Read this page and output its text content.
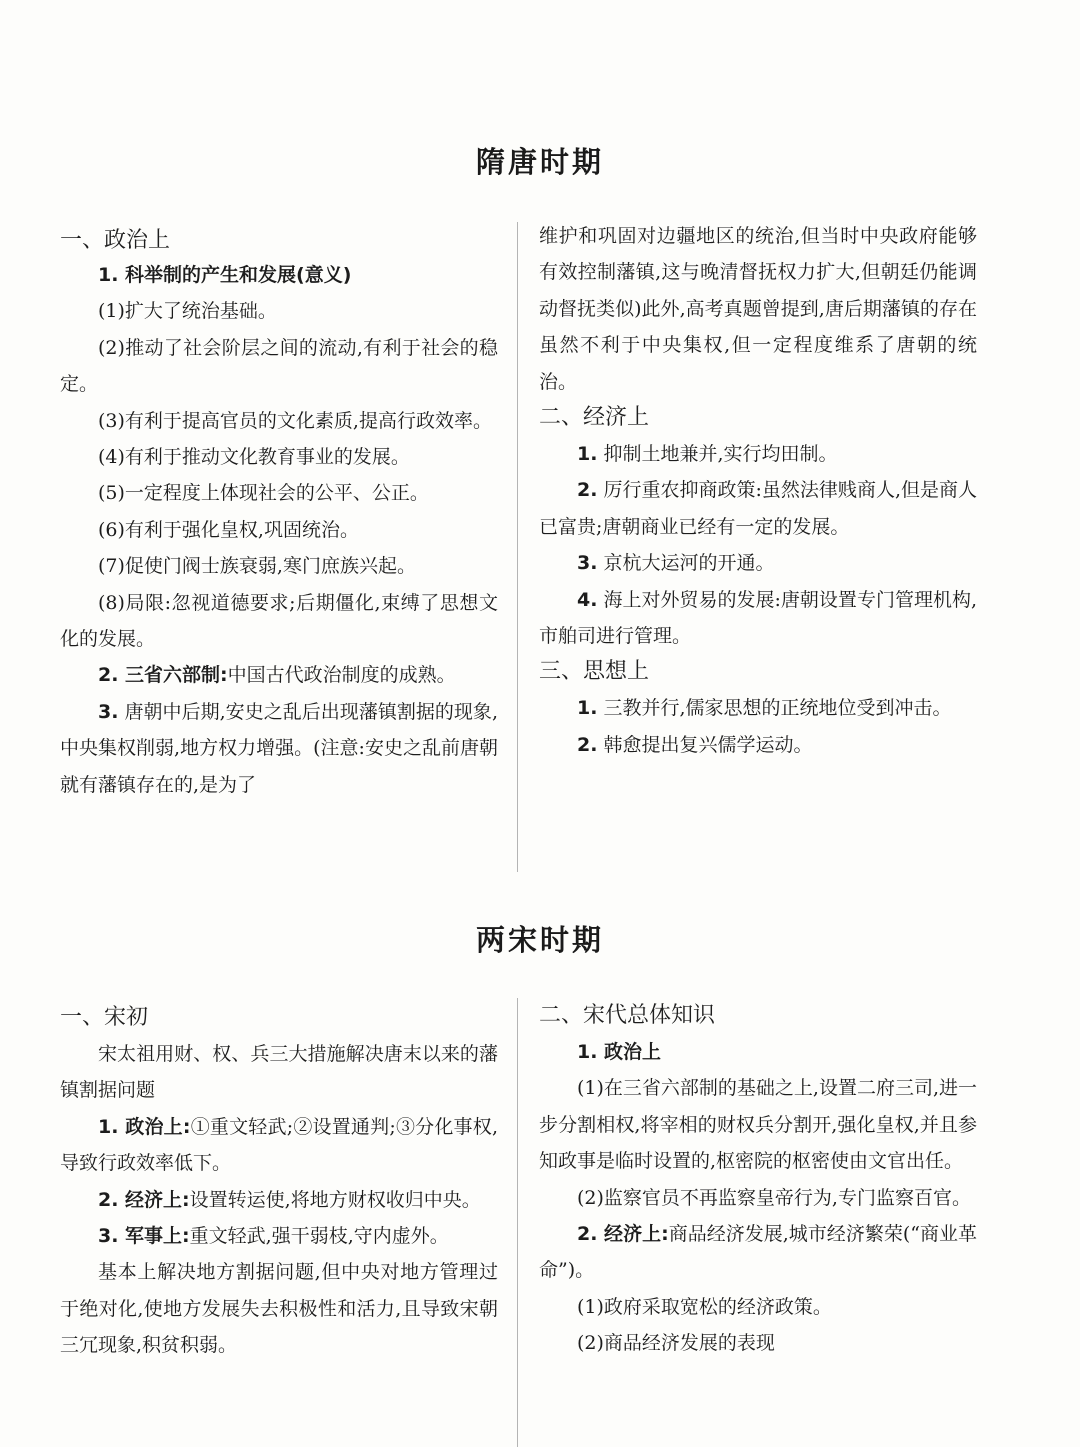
隋唐时期
一、政治上

1. 科举制的产生和发展(意义)

(1)扩大了统治基础。

(2)推动了社会阶层之间的流动,有利于社会的稳定。

(3)有利于提高官员的文化素质,提高行政效率。

(4)有利于推动文化教育事业的发展。

(5)一定程度上体现社会的公平、公正。

(6)有利于强化皇权,巩固统治。

(7)促使门阀士族衰弱,寒门庶族兴起。

(8)局限:忽视道德要求;后期僵化,束缚了思想文化的发展。

2. 三省六部制:中国古代政治制度的成熟。

3. 唐朝中后期,安史之乱后出现藩镇割据的现象,中央集权削弱,地方权力增强。(注意:安史之乱前唐朝就有藩镇存在的,是为了

维护和巩固对边疆地区的统治,但当时中央政府能够有效控制藩镇,这与晚清督抚权力扩大,但朝廷仍能调动督抚类似)此外,高考真题曾提到,唐后期藩镇的存在虽然不利于中央集权,但一定程度维系了唐朝的统治。

二、经济上

1. 抑制土地兼并,实行均田制。

2. 厉行重农抑商政策:虽然法律贱商人,但是商人已富贵;唐朝商业已经有一定的发展。

3. 京杭大运河的开通。

4. 海上对外贸易的发展:唐朝设置专门管理机构,市舶司进行管理。

三、思想上

1. 三教并行,儒家思想的正统地位受到冲击。

2. 韩愈提出复兴儒学运动。

两宋时期
一、宋初

宋太祖用财、权、兵三大措施解决唐末以来的藩镇割据问题

1. 政治上:①重文轻武;②设置通判;③分化事权,导致行政效率低下。

2. 经济上:设置转运使,将地方财权收归中央。

3. 军事上:重文轻武,强干弱枝,守内虚外。

基本上解决地方割据问题,但中央对地方管理过于绝对化,使地方发展失去积极性和活力,且导致宋朝三冗现象,积贫积弱。

二、宋代总体知识

1. 政治上

(1)在三省六部制的基础之上,设置二府三司,进一步分割相权,将宰相的财权兵分割开,强化皇权,并且参知政事是临时设置的,枢密院的枢密使由文官出任。

(2)监察官员不再监察皇帝行为,专门监察百官。

2. 经济上:商品经济发展,城市经济繁荣(“商业革命”)。

(1)政府采取宽松的经济政策。

(2)商品经济发展的表现
